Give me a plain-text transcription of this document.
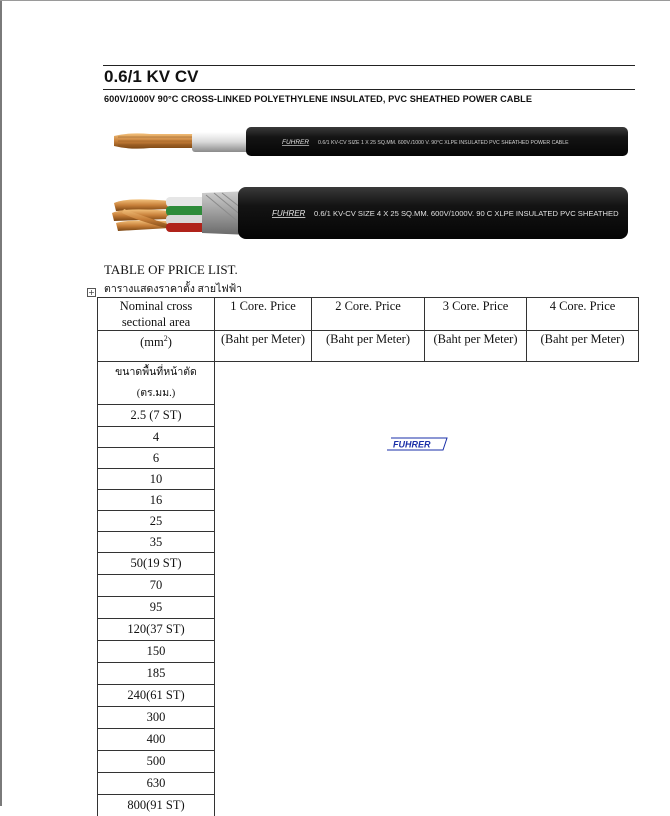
0.6/1 KV CV
600V/1000V 90°C CROSS-LINKED POLYETHYLENE INSULATED, PVC SHEATHED POWER CABLE
FUHRER 0.6/1 KV-CV SIZE 1 X 25 SQ.MM. 600V./1000 V. 90°C XLPE INSULATED PVC SHEATHED POWER CABLE
FUHRER 0.6/1 KV-CV SIZE 4 X 25 SQ.MM. 600V/1000V. 90 C XLPE INSULATED PVC SHEATHED
TABLE OF PRICE LIST.
ตารางแสดงราคาตั้ง สายไฟฟ้า
+
Nominal cross sectional area	1 Core. Price	2 Core. Price	3 Core. Price	4 Core. Price
$(mm^2)$	(Baht per Meter)	(Baht per Meter)	(Baht per Meter)	(Baht per Meter)
ขนาดพื้นที่หน้าตัด
(ตร.มม.)
2.5 (7 ST)
4
6
10
16
25
35
50(19 ST)
70
95
120(37 ST)
150
185
240(61 ST)
300
400
500
630
800(91 ST)
FUHRER
